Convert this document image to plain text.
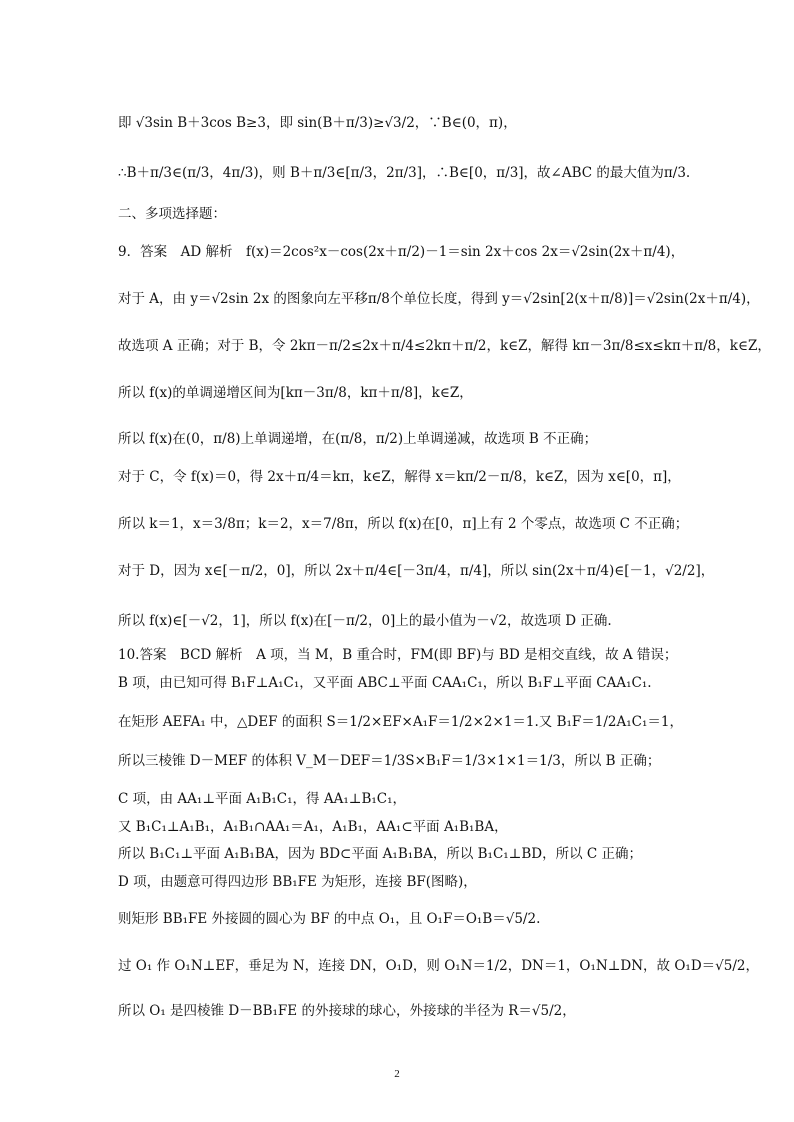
即 √3sin B＋3cos B≥3，即 sin(B＋π/3)≥√3/2，∵B∈(0，π)，
∴B＋π/3∈(π/3，4π/3)，则 B＋π/3∈[π/3，2π/3]，∴B∈[0，π/3]，故∠ABC 的最大值为π/3.
二、多项选择题：
9．答案　AD 解析　f(x)＝2cos²x－cos(2x＋π/2)－1＝sin 2x＋cos 2x＝√2sin(2x＋π/4)，
对于 A，由 y＝√2sin 2x 的图象向左平移π/8个单位长度，得到 y＝√2sin[2(x＋π/8)]＝√2sin(2x＋π/4)，
故选项 A 正确；对于 B，令 2kπ－π/2≤2x＋π/4≤2kπ＋π/2，k∈Z，解得 kπ－3π/8≤x≤kπ＋π/8，k∈Z，
所以 f(x)的单调递增区间为[kπ－3π/8，kπ＋π/8]，k∈Z，
所以 f(x)在(0，π/8)上单调递增，在(π/8，π/2)上单调递减，故选项 B 不正确；
对于 C，令 f(x)＝0，得 2x＋π/4＝kπ，k∈Z，解得 x＝kπ/2－π/8，k∈Z，因为 x∈[0，π]，
所以 k＝1，x＝3/8π；k＝2，x＝7/8π，所以 f(x)在[0，π]上有 2 个零点，故选项 C 不正确；
对于 D，因为 x∈[－π/2，0]，所以 2x＋π/4∈[－3π/4，π/4]，所以 sin(2x＋π/4)∈[－1，√2/2]，
所以 f(x)∈[－√2，1]，所以 f(x)在[－π/2，0]上的最小值为－√2，故选项 D 正确.
10.答案　BCD 解析　A 项，当 M，B 重合时，FM(即 BF)与 BD 是相交直线，故 A 错误；
B 项，由已知可得 B₁F⊥A₁C₁，又平面 ABC⊥平面 CAA₁C₁，所以 B₁F⊥平面 CAA₁C₁.
在矩形 AEFA₁ 中，△DEF 的面积 S＝1/2×EF×A₁F＝1/2×2×1＝1.又 B₁F＝1/2A₁C₁＝1，
所以三棱锥 D－MEF 的体积 V_M－DEF＝1/3S×B₁F＝1/3×1×1＝1/3，所以 B 正确；
C 项，由 AA₁⊥平面 A₁B₁C₁，得 AA₁⊥B₁C₁，
又 B₁C₁⊥A₁B₁，A₁B₁∩AA₁＝A₁，A₁B₁，AA₁⊂平面 A₁B₁BA，
所以 B₁C₁⊥平面 A₁B₁BA，因为 BD⊂平面 A₁B₁BA，所以 B₁C₁⊥BD，所以 C 正确；
D 项，由题意可得四边形 BB₁FE 为矩形，连接 BF(图略)，
则矩形 BB₁FE 外接圆的圆心为 BF 的中点 O₁，且 O₁F＝O₁B＝√5/2.
过 O₁ 作 O₁N⊥EF，垂足为 N，连接 DN，O₁D，则 O₁N＝1/2，DN＝1，O₁N⊥DN，故 O₁D＝√5/2，
所以 O₁ 是四棱锥 D－BB₁FE 的外接球的球心，外接球的半径为 R＝√5/2，
2
